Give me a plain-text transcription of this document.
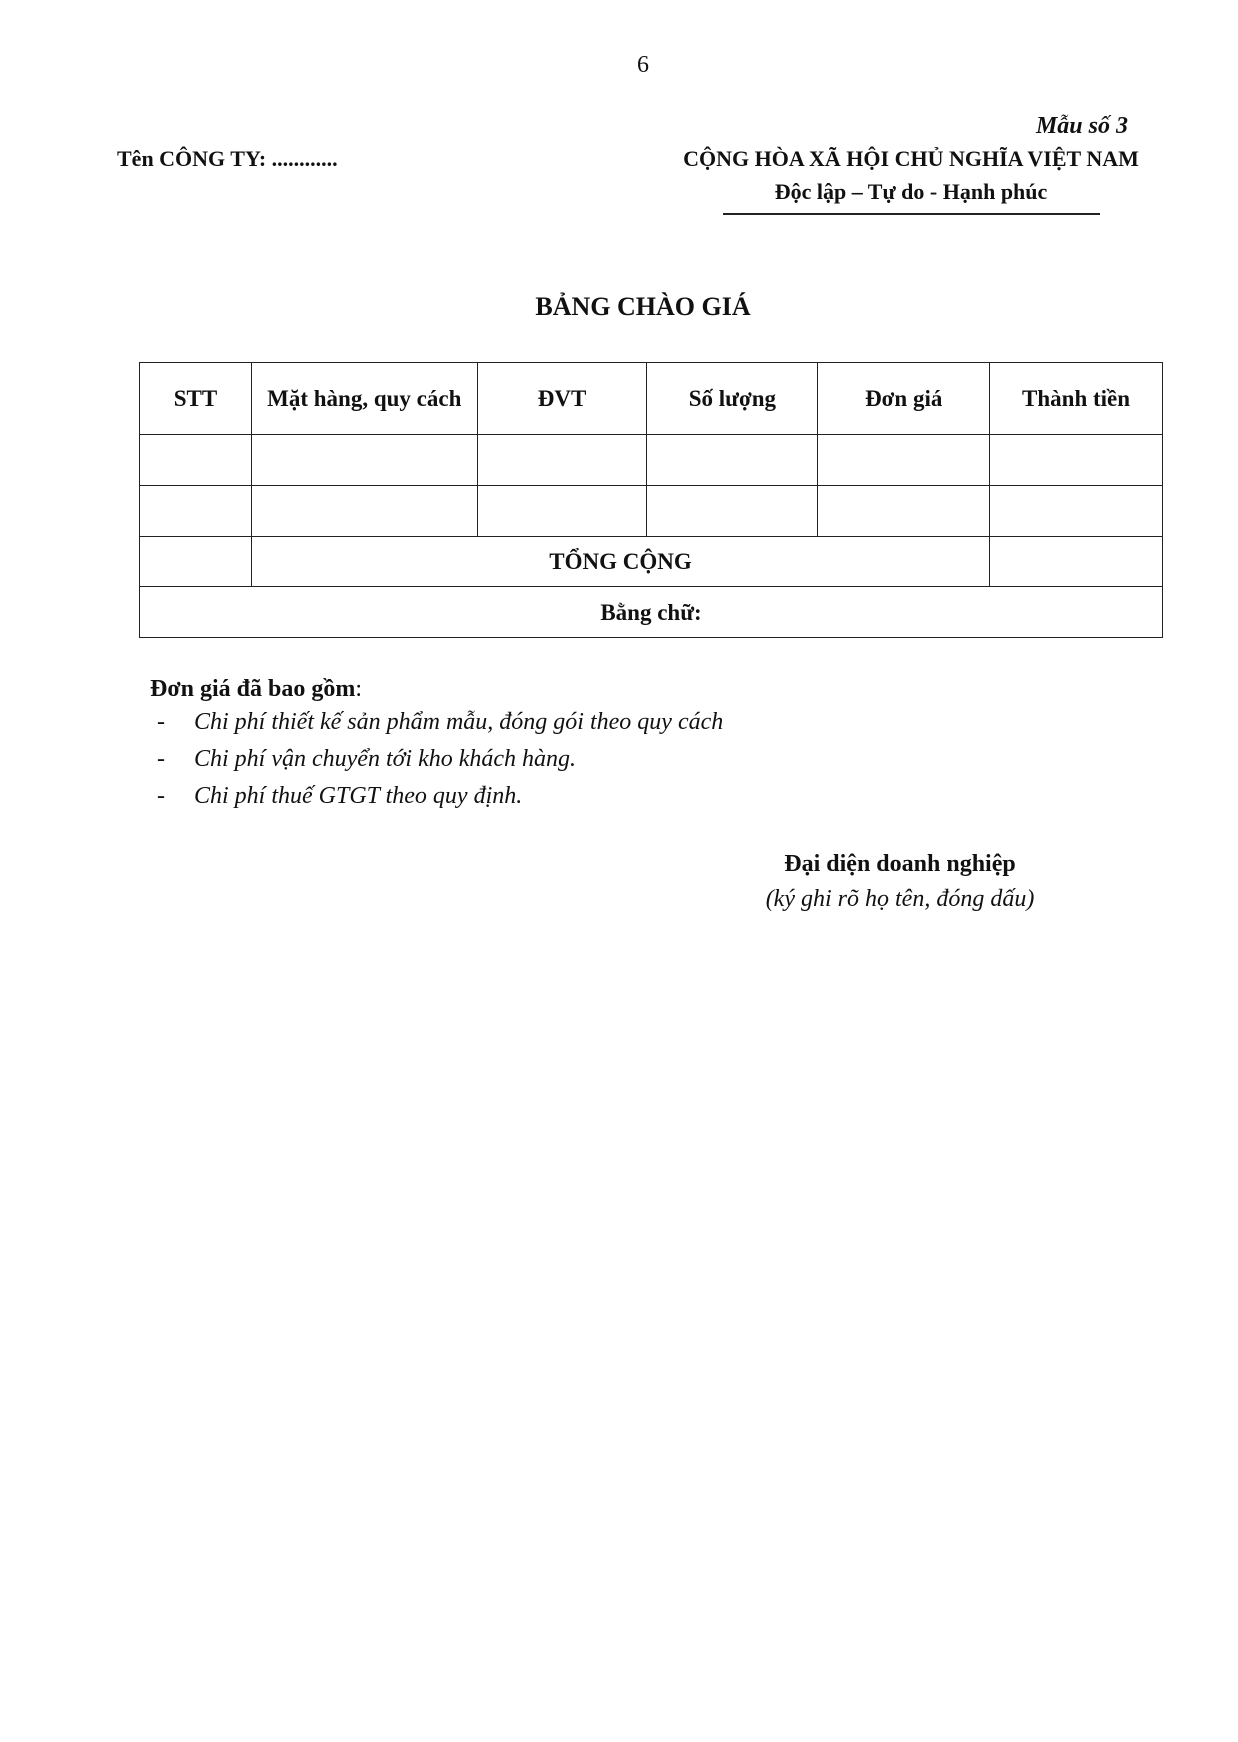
6
Mẫu số 3
Tên CÔNG TY: ............	CỘNG HÒA XÃ HỘI CHỦ NGHĨA VIỆT NAM
Độc lập – Tự do - Hạnh phúc
BẢNG CHÀO GIÁ
STT	Mặt hàng, quy cách	ĐVT	Số lượng	Đơn giá	Thành tiền

	TỔNG CỘNG				
Bằng chữ:					
Đơn giá đã bao gồm:
-	Chi phí thiết kế sản phẩm mẫu, đóng gói theo quy cách
-	Chi phí vận chuyển tới kho khách hàng.
-	Chi phí thuế GTGT theo quy định.
Đại diện doanh nghiệp
(ký ghi rõ họ tên, đóng dấu)
